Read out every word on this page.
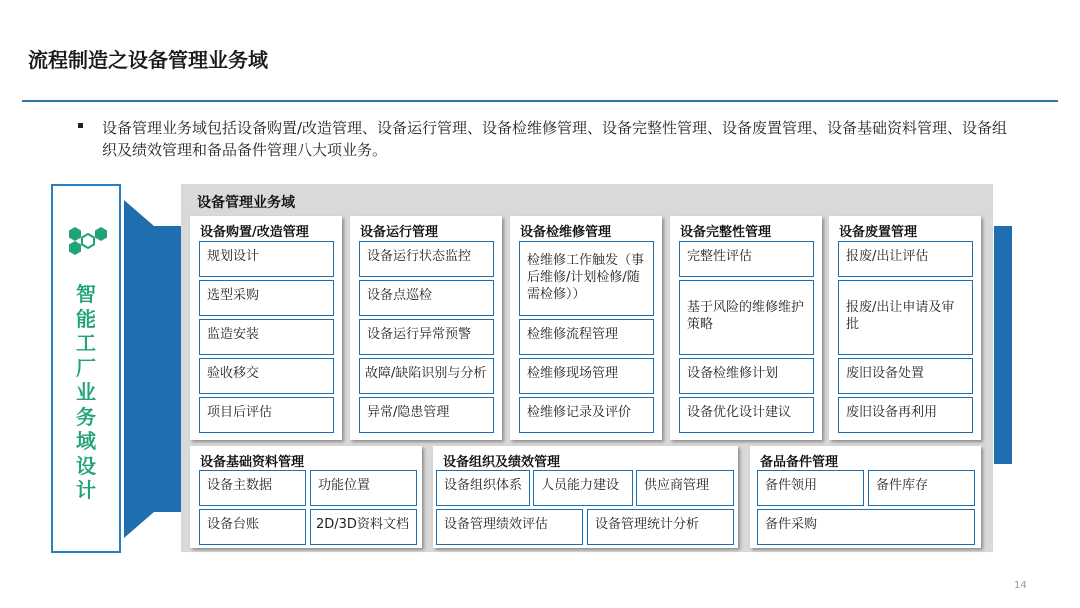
流程制造之设备管理业务域
设备管理业务域包括设备购置/改造管理、设备运行管理、设备检维修管理、设备完整性管理、设备废置管理、设备基础资料管理、设备组织及绩效管理和备品备件管理八大项业务。
智
能
工
厂
业
务
域
设
计
设备管理业务域
设备购置/改造管理
规划设计
选型采购
监造安装
验收移交
项目后评估
设备运行管理
设备运行状态监控
设备点巡检
设备运行异常预警
故障/缺陷识别与分析
异常/隐患管理
设备检维修管理
检维修工作触发（事后维修/计划检修/随需检修））
检维修流程管理
检维修现场管理
检维修记录及评价
设备完整性管理
完整性评估
基于风险的维修维护策略
设备检维修计划
设备优化设计建议
设备废置管理
报废/出让评估
报废/出让申请及审批
废旧设备处置
废旧设备再利用
设备基础资料管理
设备主数据	功能位置
设备台账	2D/3D资料文档
设备组织及绩效管理
设备组织体系	人员能力建设	供应商管理
设备管理绩效评估	设备管理统计分析
备品备件管理
备件领用	备件库存
备件采购
14
